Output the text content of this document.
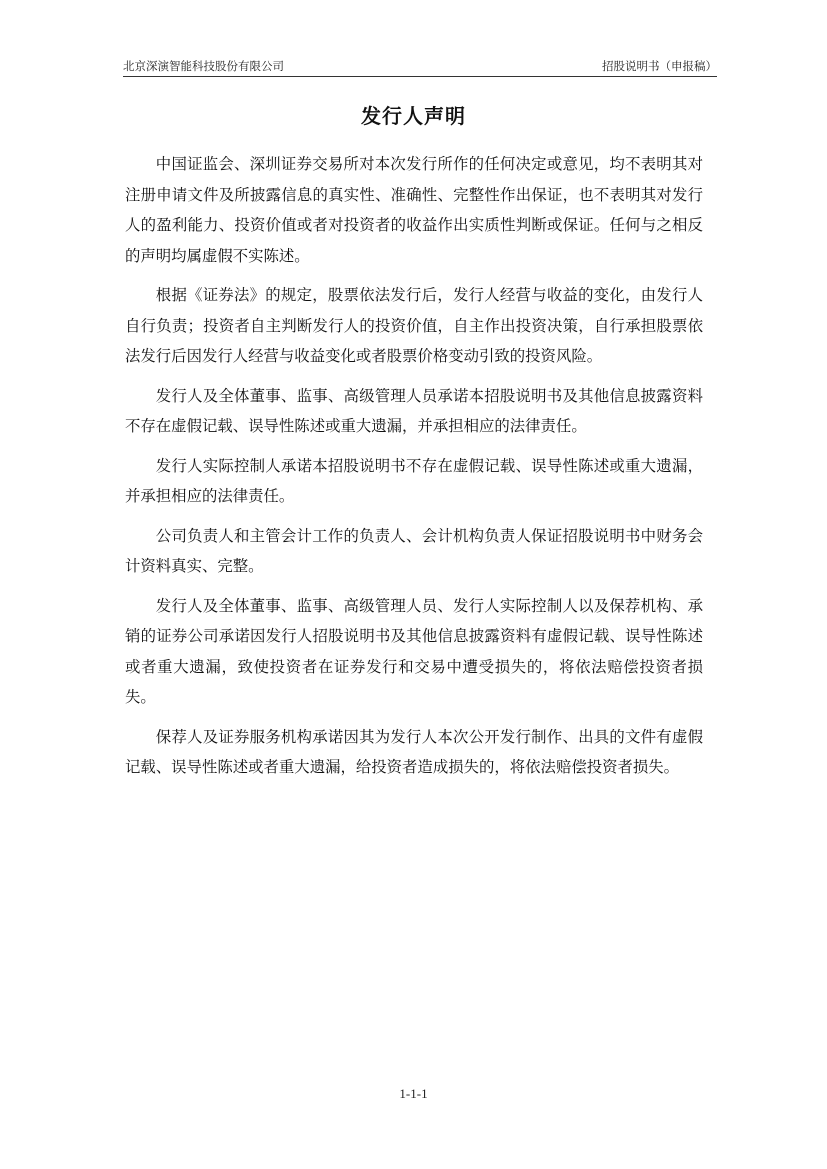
北京深演智能科技股份有限公司	招股说明书（申报稿）
发行人声明

中国证监会、深圳证券交易所对本次发行所作的任何决定或意见，均不表明其对注册申请文件及所披露信息的真实性、准确性、完整性作出保证，也不表明其对发行人的盈利能力、投资价值或者对投资者的收益作出实质性判断或保证。任何与之相反的声明均属虚假不实陈述。

根据《证券法》的规定，股票依法发行后，发行人经营与收益的变化，由发行人自行负责；投资者自主判断发行人的投资价值，自主作出投资决策，自行承担股票依法发行后因发行人经营与收益变化或者股票价格变动引致的投资风险。

发行人及全体董事、监事、高级管理人员承诺本招股说明书及其他信息披露资料不存在虚假记载、误导性陈述或重大遗漏，并承担相应的法律责任。

发行人实际控制人承诺本招股说明书不存在虚假记载、误导性陈述或重大遗漏，并承担相应的法律责任。

公司负责人和主管会计工作的负责人、会计机构负责人保证招股说明书中财务会计资料真实、完整。

发行人及全体董事、监事、高级管理人员、发行人实际控制人以及保荐机构、承销的证券公司承诺因发行人招股说明书及其他信息披露资料有虚假记载、误导性陈述或者重大遗漏，致使投资者在证券发行和交易中遭受损失的，将依法赔偿投资者损失。

保荐人及证券服务机构承诺因其为发行人本次公开发行制作、出具的文件有虚假记载、误导性陈述或者重大遗漏，给投资者造成损失的，将依法赔偿投资者损失。

1-1-1
